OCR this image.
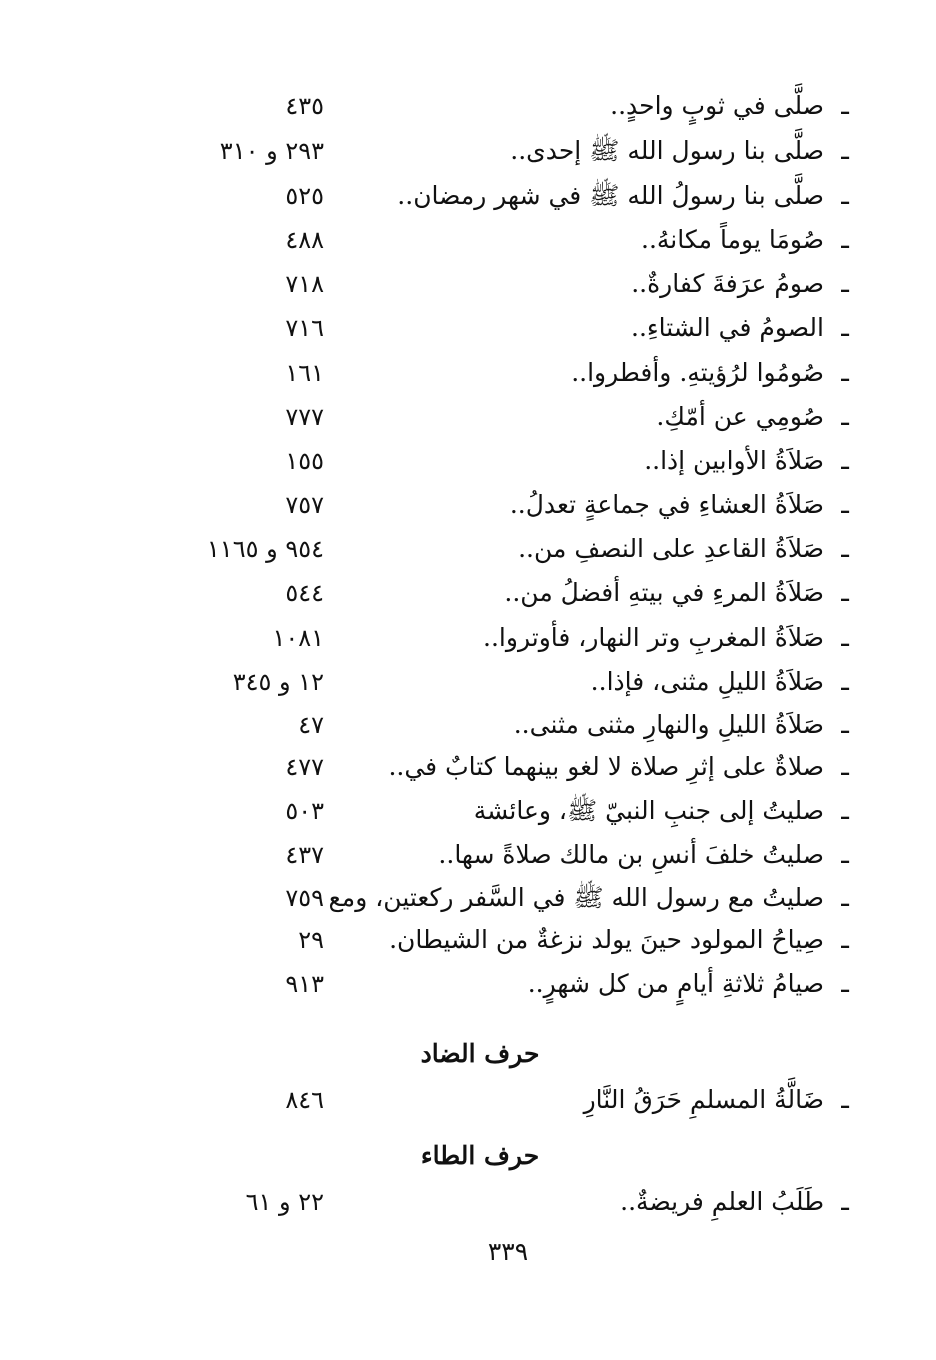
ـ
صلَّى في ثوبٍ واحدٍ..
٤٣٥
ـ
صلَّى بنا رسول الله ﷺ إحدى..
٢٩٣ و ٣١٠
ـ
صلَّى بنا رسولُ الله ﷺ في شهر رمضان..
٥٢٥
ـ
صُومَا يوماً مكانهُ..
٤٨٨
ـ
صومُ عرَفةَ كفارةٌ..
٧١٨
ـ
الصومُ في الشتاءِ..
٧١٦
ـ
صُومُوا لرُؤيتهِ. وأفطروا..
١٦١
ـ
صُومِي عن أمّكِ.
٧٧٧
ـ
صَلاَةُ الأوابين إذا..
١٥٥
ـ
صَلاَةُ العشاءِ في جماعةٍ تعدلُ..
٧٥٧
ـ
صَلاَةُ القاعدِ على النصفِ من..
٩٥٤ و ١١٦٥
ـ
صَلاَةُ المرءِ في بيتهِ أفضلُ من..
٥٤٤
ـ
صَلاَةُ المغربِ وتر النهار، فأوتروا..
١٠٨١
ـ
صَلاَةُ الليلِ مثنى، فإذا..
١٢ و ٣٤٥
ـ
صَلاَةُ الليلِ والنهارِ مثنى مثنى..
٤٧
ـ
صلاةٌ على إثرِ صلاة لا لغو بينهما كتابٌ في..
٤٧٧
ـ
صليتُ إلى جنبِ النبيّ ﷺ، وعائشة
٥٠٣
ـ
صليتُ خلفَ أنسِ بن مالك صلاةً سها..
٤٣٧
ـ
صليتُ مع رسول الله ﷺ في السَّفر ركعتين، ومع
٧٥٩
ـ
صِياحُ المولود حينَ يولد نزغةٌ من الشيطان.
٢٩
ـ
صيامُ ثلاثةِ أيامٍ من كل شهرٍ..
٩١٣
حرف الضاد
ـ
ضَالَّةُ المسلمِ حَرَقُ النَّارِ
٨٤٦
حرف الطاء
ـ
طَلَبُ العلمِ فريضةٌ..
٢٢ و ٦١
٣٣٩
